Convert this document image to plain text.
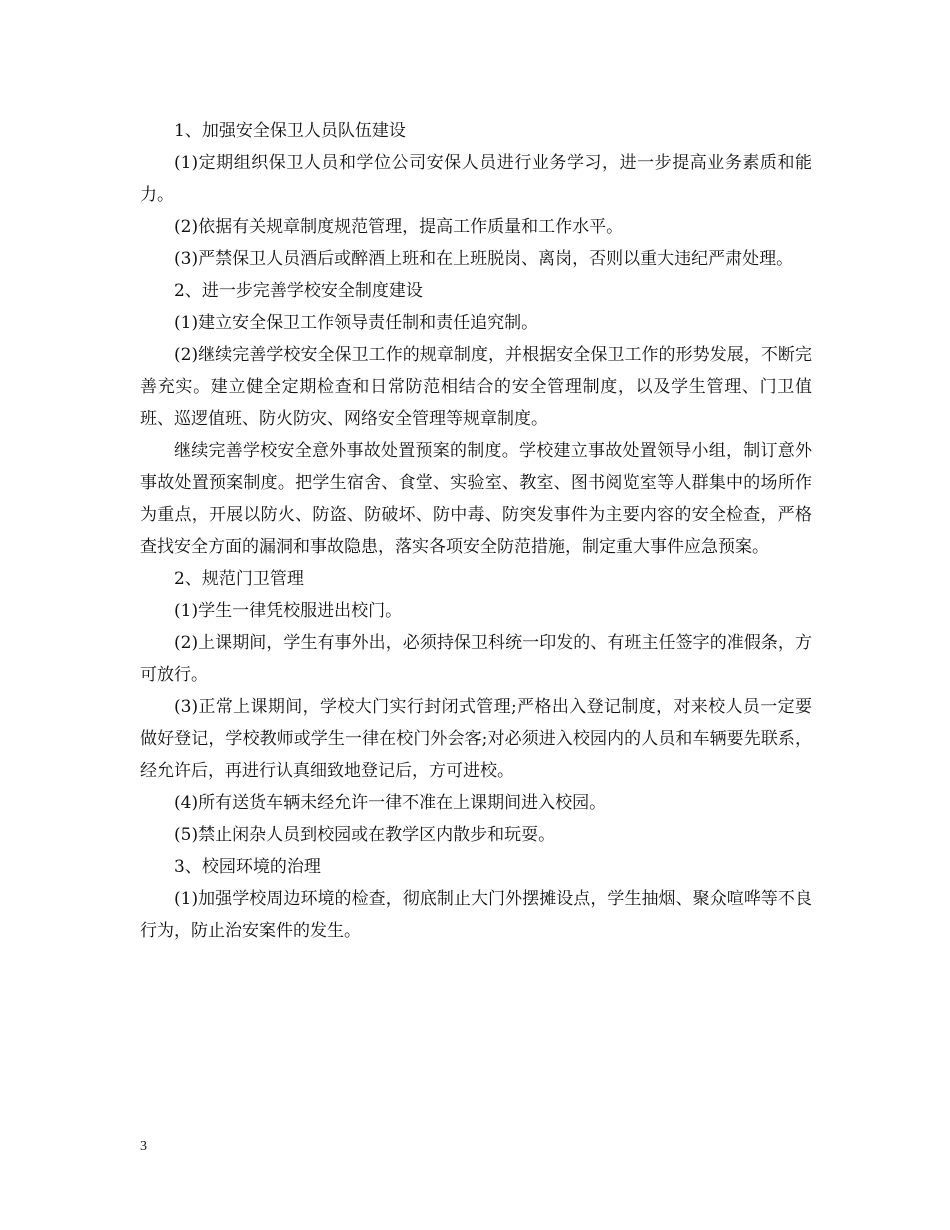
1、加强安全保卫人员队伍建设

(1)定期组织保卫人员和学位公司安保人员进行业务学习，进一步提高业务素质和能力。

(2)依据有关规章制度规范管理，提高工作质量和工作水平。

(3)严禁保卫人员酒后或醉酒上班和在上班脱岗、离岗，否则以重大违纪严肃处理。

2、进一步完善学校安全制度建设

(1)建立安全保卫工作领导责任制和责任追究制。

(2)继续完善学校安全保卫工作的规章制度，并根据安全保卫工作的形势发展，不断完善充实。建立健全定期检查和日常防范相结合的安全管理制度，以及学生管理、门卫值班、巡逻值班、防火防灾、网络安全管理等规章制度。

继续完善学校安全意外事故处置预案的制度。学校建立事故处置领导小组，制订意外事故处置预案制度。把学生宿舍、食堂、实验室、教室、图书阅览室等人群集中的场所作为重点，开展以防火、防盗、防破坏、防中毒、防突发事件为主要内容的安全检查，严格查找安全方面的漏洞和事故隐患，落实各项安全防范措施，制定重大事件应急预案。

2、规范门卫管理

(1)学生一律凭校服进出校门。

(2)上课期间，学生有事外出，必须持保卫科统一印发的、有班主任签字的准假条，方可放行。

(3)正常上课期间，学校大门实行封闭式管理;严格出入登记制度，对来校人员一定要做好登记，学校教师或学生一律在校门外会客;对必须进入校园内的人员和车辆要先联系，经允许后，再进行认真细致地登记后，方可进校。

(4)所有送货车辆未经允许一律不准在上课期间进入校园。

(5)禁止闲杂人员到校园或在教学区内散步和玩耍。

3、校园环境的治理

(1)加强学校周边环境的检查，彻底制止大门外摆摊设点，学生抽烟、聚众喧哗等不良行为，防止治安案件的发生。

3
